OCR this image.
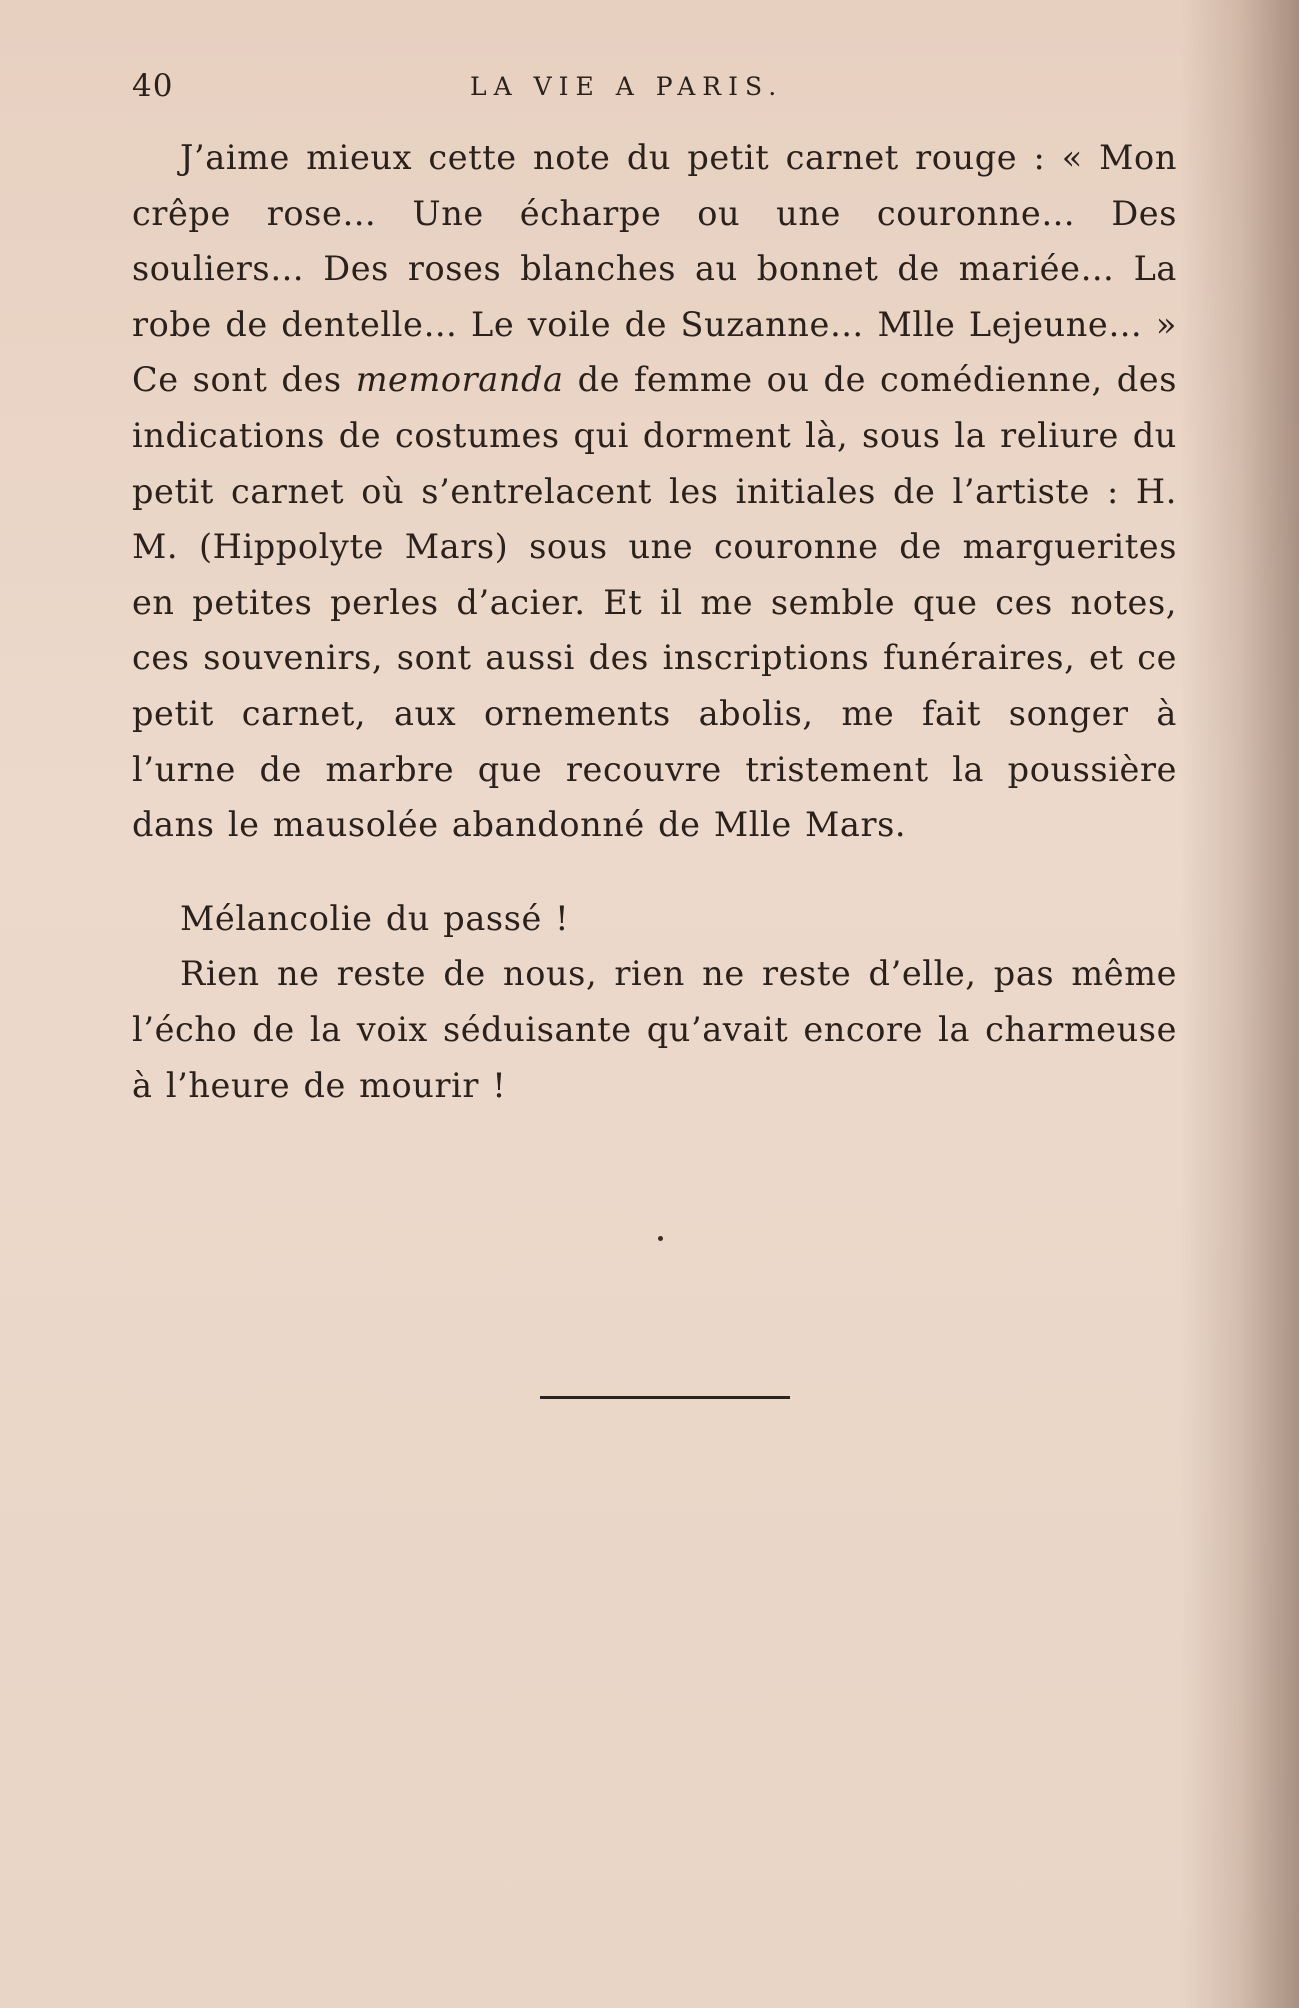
40	LA VIE A PARIS.

J’aime mieux cette note du petit carnet rouge : « Mon crêpe rose… Une écharpe ou une couronne… Des souliers… Des roses blanches au bonnet de mariée… La robe de dentelle… Le voile de Suzanne… Mlle Lejeune… » Ce sont des memoranda de femme ou de comédienne, des indications de costumes qui dorment là, sous la reliure du petit carnet où s’entrelacent les initiales de l’artiste : H. M. (Hippolyte Mars) sous une couronne de marguerites en petites perles d’acier. Et il me semble que ces notes, ces souvenirs, sont aussi des inscriptions funéraires, et ce petit carnet, aux ornements abolis, me fait songer à l’urne de marbre que recouvre tristement la poussière dans le mausolée abandonné de Mlle Mars.

Mélancolie du passé !

Rien ne reste de nous, rien ne reste d’elle, pas même l’écho de la voix séduisante qu’avait encore la charmeuse à l’heure de mourir !
